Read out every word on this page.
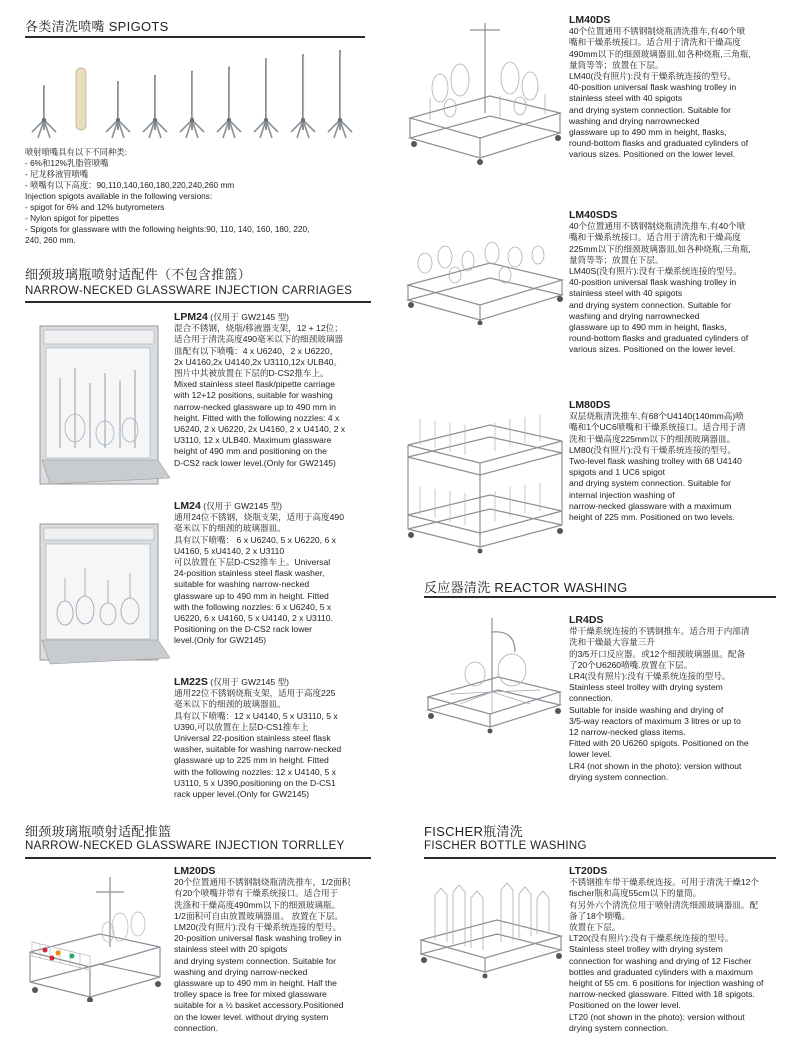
各类清洗喷嘴 SPIGOTS
喷射喷嘴具有以下不同种类:
- 6%和12%乳脂管喷嘴
- 尼龙移液管喷嘴
- 喷嘴有以下高度：90,110,140,160,180,220,240,260 mm
Injection spigots available in the following versions:
- spigot for 6% and 12% butyrometers
- Nylon spigot for pipettes
- Spigots for glassware with the following heights:90, 110, 140, 160, 180, 220,
240, 260 mm.
细颈玻璃瓶喷射适配件（不包含推篮）
NARROW-NECKED GLASSWARE INJECTION CARRIAGES
LPM24 (仅用于 GW2145 型)
混合不锈钢，烧瓶/移液器支架，12 + 12位；
适合用于清洗高度490毫米以下的细颈玻璃器
皿配有以下喷嘴：4 x U6240，2 x U6220，
2x U4160,2x U4140,2x U3110,12x ULB40。
图片中其被放置在下层的D-CS2推车上。
Mixed stainless steel flask/pipette carriage
with 12+12 positions, suitable for washing
narrow-necked glassware up to 490 mm in
height. Fitted with the following nozzles: 4 x
U6240, 2 x U6220, 2x U4160, 2 x U4140, 2 x
U3110, 12 x ULB40. Maximum glassware
height of 490 mm and positioning on the
D-CS2 rack lower level.(Only for GW2145)
LM24 (仅用于 GW2145 型)
通用24位不锈钢，烧瓶支架，适用于高度490
毫米以下的细颈的玻璃器皿。
具有以下喷嘴： 6 x U6240, 5 x U6220, 6 x
U4160, 5 xU4140, 2 x U3110
可以放置在下层D-CS2推车上。Universal
24-position stainless steel flask washer,
suitable for washing narrow-necked
glassware up to 490 mm in height. Fitted
with the following nozzles: 6 x U6240, 5 x
U6220, 6 x U4160, 5 x U4140, 2 x U3110.
Positioning on the D-CS2 rack lower
level.(Only for GW2145)
LM22S (仅用于 GW2145 型)
通用22位不锈钢烧瓶支架，适用于高度225
毫米以下的细颈的玻璃器皿。
具有以下喷嘴：12 x U4140, 5 x U3110, 5 x
U390,可以放置在上层D-CS1推车上
Universal 22-position stainless steel flask
washer, suitable for washing narrow-necked
glassware up to 225 mm in height. Fitted
with the following nozzles: 12 x U4140, 5 x
U3110, 5 x U390,positioning on the D-CS1
rack upper level.(Only for GW2145)
细颈玻璃瓶喷射适配推篮
NARROW-NECKED GLASSWARE INJECTION TORRLLEY
LM20DS
20个位置通用不锈钢制烧瓶清洗推车，1/2面积
有20个喷嘴并带有干燥系统接口。适合用于
洗涤和干燥高度490mm以下的细颈玻璃瓶。
1/2面积可自由放置玻璃器皿。 放置在下层。
LM20(没有照片):没有干燥系统连接的型号。
20-position universal flask washing trolley in
stainless steel with 20 spigots
and drying system connection. Suitable for
washing and drying narrow-necked
glassware up to 490 mm in height. Half the
trolley space is free for mixed glassware
suitable for a ½ basket accessory.Positioned
on the lower level. without drying system
connection.
LM40DS
40个位置通用不锈钢制烧瓶清洗推车,有40个喷
嘴和干燥系统接口。适合用于清洗和干燥高度
490mm以下的细颈玻璃器皿,如各种烧瓶,三角瓶,
量筒等等；放置在下层。
LM40(没有照片):没有干燥系统连接的型号。
40-position universal flask washing trolley in
stainless steel with 40 spigots
and drying system connection. Suitable for
washing and drying narrownecked
glassware up to 490 mm in height, flasks,
round-bottom flasks and graduated cylinders of
various sizes. Positioned on the lower level.
LM40SDS
40个位置通用不锈钢制烧瓶清洗推车,有40个喷
嘴和干燥系统接口。适合用于清洗和干燥高度
225mm以下的细颈玻璃器皿,如各种烧瓶,三角瓶,
量筒等等；放置在下层。
LM40S(没有照片):没有干燥系统连接的型号。
40-position universal flask washing trolley in
stainless steel with 40 spigots
and drying system connection. Suitable for
washing and drying narrownecked
glassware up to 490 mm in height, flasks,
round-bottom flasks and graduated cylinders of
various sizes. Positioned on the lower level.
LM80DS
双层烧瓶清洗推车,有68个U4140(140mm高)喷
嘴和1个UC6喷嘴和干燥系统接口。适合用于清
洗和干燥高度225mm以下的细颈玻璃器皿。
LM80(没有照片):没有干燥系统连接的型号。
Two-level flask washing trolley with 68 U4140
spigots and 1 UC6 spigot
and drying system connection. Suitable for
internal injection washing of
narrow-necked glassware with a maximum
height of 225 mm. Positioned on two levels.
反应器清洗 REACTOR WASHING
LR4DS
带干燥系统连接的不锈钢推车。适合用于内部清
洗和干燥最大容量三升
的3/5开口反应器。或12个细颈玻璃器皿。配备
了20个U6260喷嘴.放置在下层。
LR4(没有照片):没有干燥系统连接的型号。
Stainless steel trolley with drying system
connection.
Suitable for inside washing and drying of
3/5-way reactors of maximum 3 litres or up to
12 narrow-necked glass items.
Fitted with 20 U6260 spigots. Positioned on the
lower level.
LR4 (not shown in the photo): version without
drying system connection.
FISCHER瓶清洗
FISCHER BOTTLE WASHING
LT20DS
不锈钢推车带干燥系统连接。可用于清洗干燥12个
fischer瓶和高度55cm以下的量筒。
有另外六个清洗位用于喷射清洗细颈玻璃器皿。配
备了18个喷嘴。
放置在下层。
LT20(没有照片):没有干燥系统连接的型号。
Stainless steel trolley with drying system
connection for washing and drying of 12 Fischer
bottles and graduated cylinders with a maximum
height of 55 cm. 6 positions for injection washing of
narrow-necked glassware. Fitted with 18 spigots.
Positioned on the lower level.
LT20 (not shown in the photo): version without
drying system connection.
